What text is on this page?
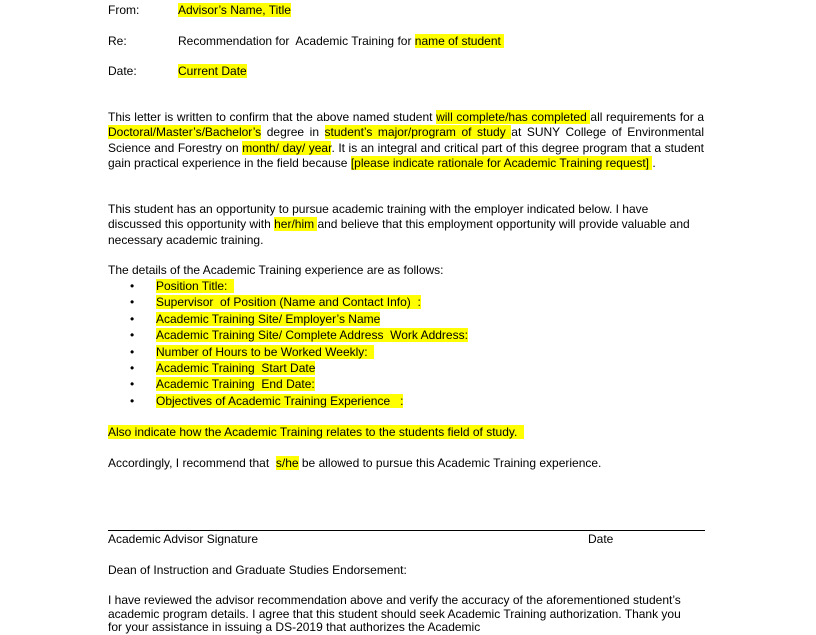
From:	Advisor’s Name, Title
Re:	Recommendation for  Academic Training for name of student
Date:	Current Date
This letter is written to confirm that the above named student will complete/has completed all requirements for a Doctoral/Master’s/Bachelor’s degree in student’s major/program of study at SUNY College of Environmental Science and Forestry on month/ day/ year. It is an integral and critical part of this degree program that a student gain practical experience in the field because [please indicate rationale for Academic Training request] .
This student has an opportunity to pursue academic training with the employer indicated below. I have discussed this opportunity with her/him and believe that this employment opportunity will provide valuable and necessary academic training.
The details of the Academic Training experience are as follows:
• Position Title:
• Supervisor  of Position (Name and Contact Info)  :
• Academic Training Site/ Employer’s Name
• Academic Training Site/ Complete Address  Work Address:
• Number of Hours to be Worked Weekly:
• Academic Training  Start Date
• Academic Training  End Date:
• Objectives of Academic Training Experience   :
Also indicate how the Academic Training relates to the students field of study.
Accordingly, I recommend that  s/he be allowed to pursue this Academic Training experience.
Academic Advisor Signature	Date
Dean of Instruction and Graduate Studies Endorsement:
I have reviewed the advisor recommendation above and verify the accuracy of the aforementioned student’s academic program details. I agree that this student should seek Academic Training authorization. Thank you for your assistance in issuing a DS-2019 that authorizes the Academic
